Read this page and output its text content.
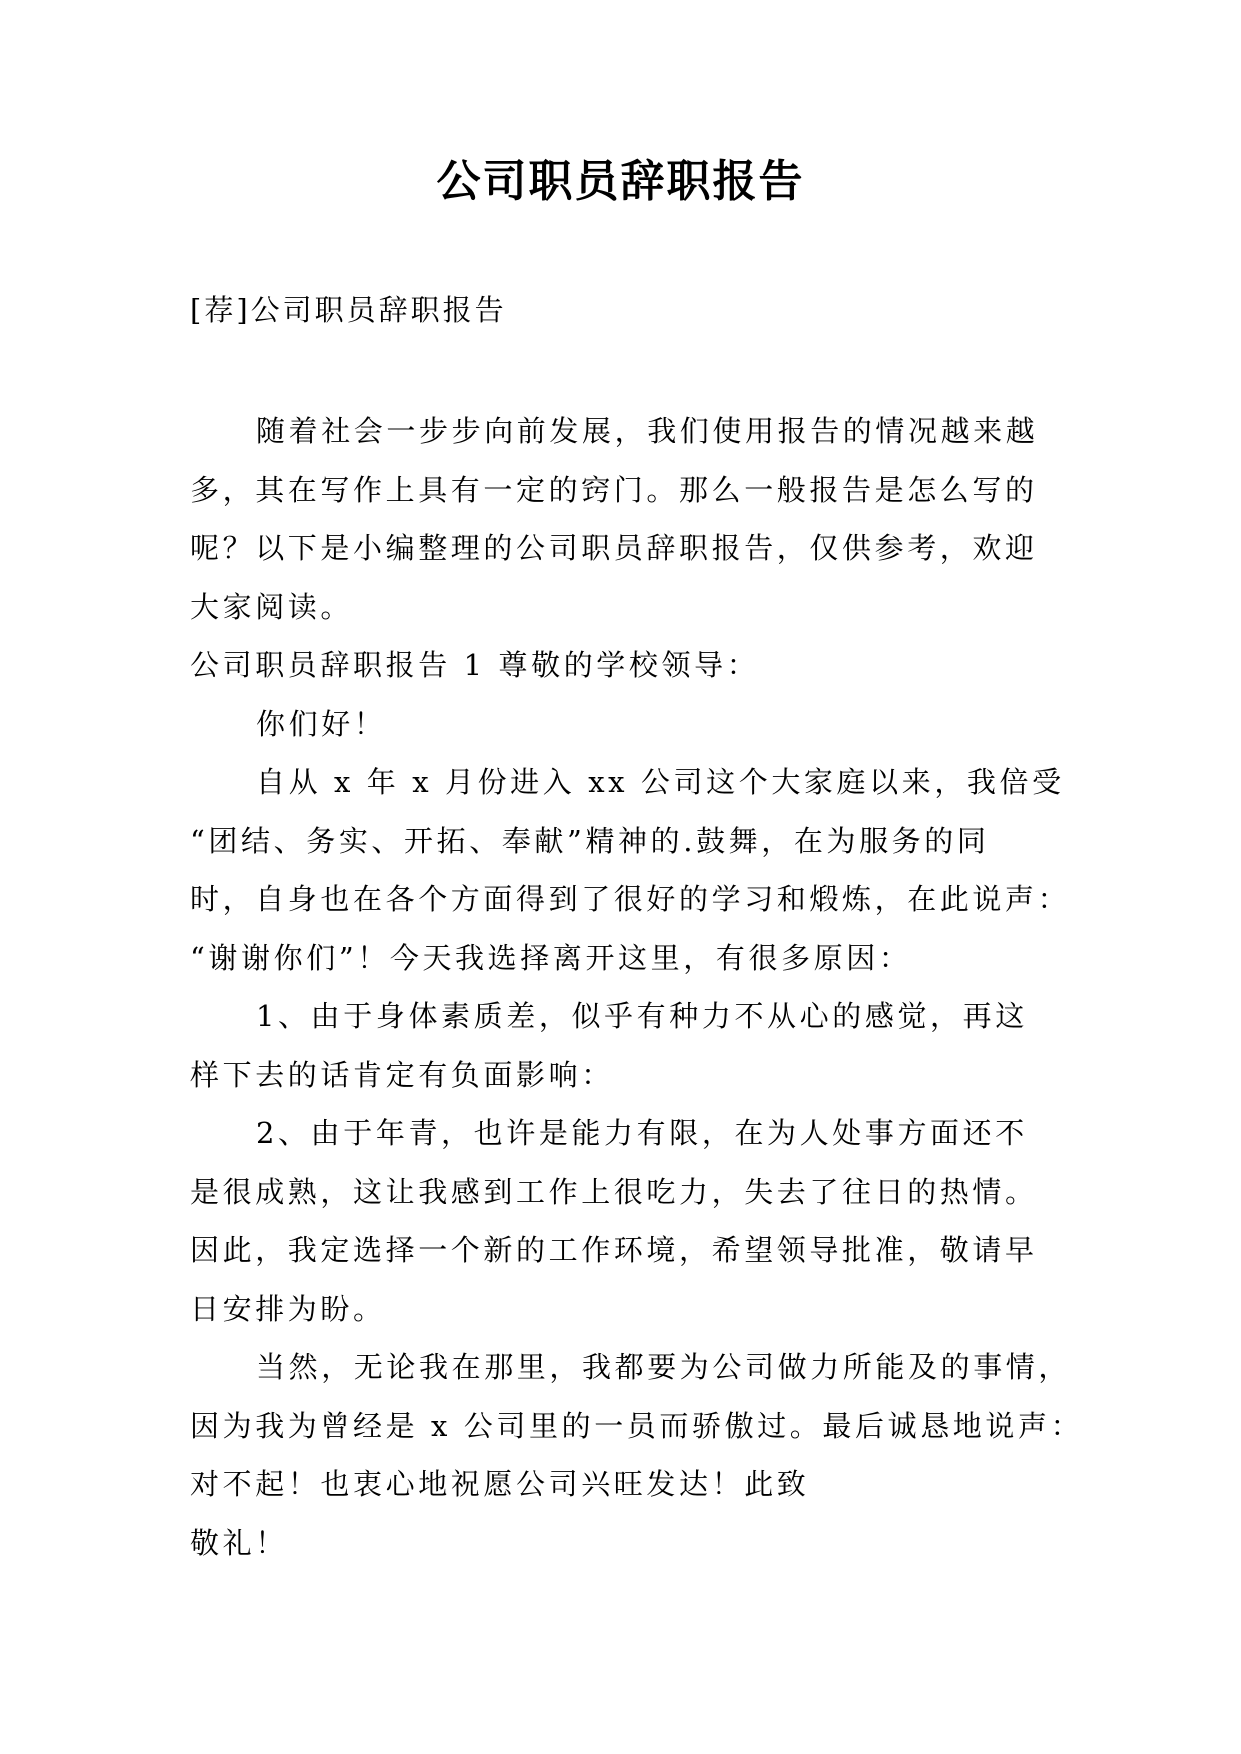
公司职员辞职报告
[荐]公司职员辞职报告
随着社会一步步向前发展，我们使用报告的情况越来越
多，其在写作上具有一定的窍门。那么一般报告是怎么写的
呢？以下是小编整理的公司职员辞职报告，仅供参考，欢迎
大家阅读。
公司职员辞职报告 1 尊敬的学校领导：
你们好！
自从 x 年 x 月份进入 xx 公司这个大家庭以来，我倍受
“团结、务实、开拓、奉献”精神的.鼓舞，在为服务的同
时，自身也在各个方面得到了很好的学习和煅炼，在此说声：
“谢谢你们”！今天我选择离开这里，有很多原因：
1、由于身体素质差，似乎有种力不从心的感觉，再这
样下去的话肯定有负面影响：
2、由于年青，也许是能力有限，在为人处事方面还不
是很成熟，这让我感到工作上很吃力，失去了往日的热情。
因此，我定选择一个新的工作环境，希望领导批准，敬请早
日安排为盼。
当然，无论我在那里，我都要为公司做力所能及的事情，
因为我为曾经是 x 公司里的一员而骄傲过。最后诚恳地说声：
对不起！也衷心地祝愿公司兴旺发达！此致
敬礼！
